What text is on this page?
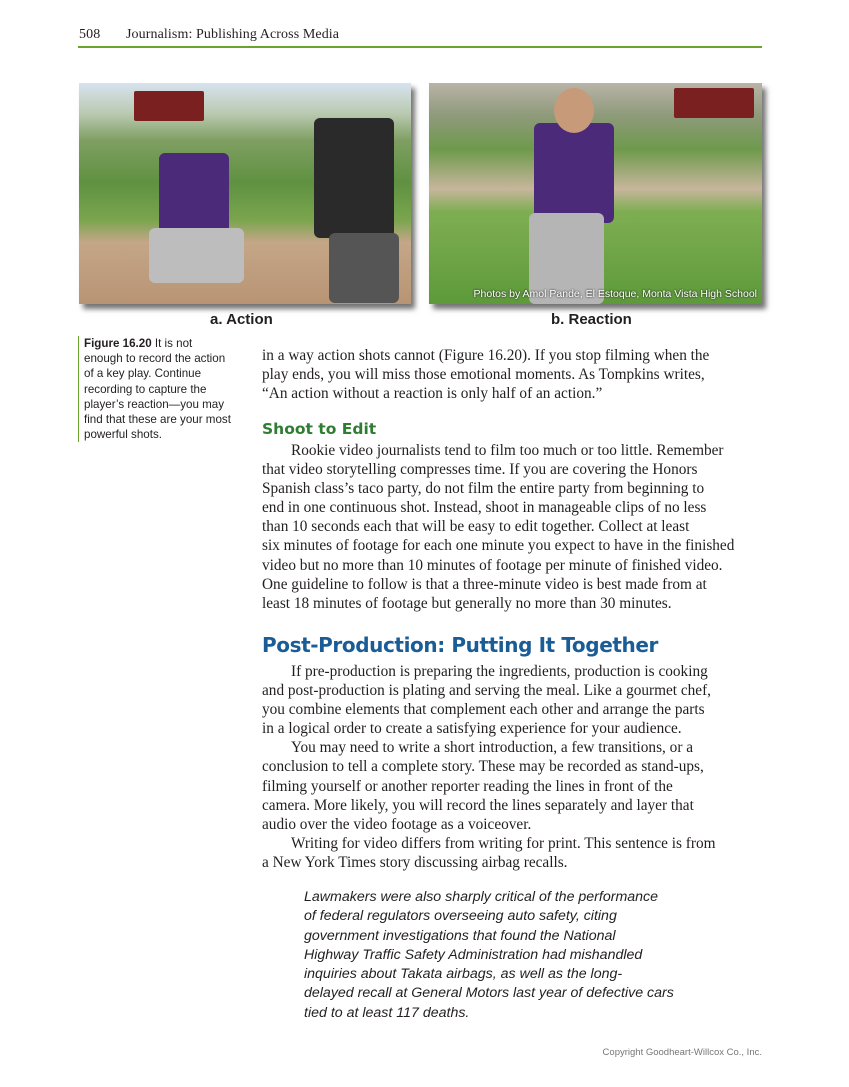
508 Journalism: Publishing Across Media
Photos by Amol Pande, El Estoque, Monta Vista High School
a. Action	b. Reaction
Figure 16.20 It is not
enough to record the action
of a key play. Continue
recording to capture the
player’s reaction—you may
find that these are your most
powerful shots.
in a way action shots cannot (Figure 16.20). If you stop filming when the
play ends, you will miss those emotional moments. As Tompkins writes,
“An action without a reaction is only half of an action.”
Shoot to Edit
Rookie video journalists tend to film too much or too little. Remember
that video storytelling compresses time. If you are covering the Honors
Spanish class’s taco party, do not film the entire party from beginning to
end in one continuous shot. Instead, shoot in manageable clips of no less
than 10 seconds each that will be easy to edit together. Collect at least
six minutes of footage for each one minute you expect to have in the finished
video but no more than 10 minutes of footage per minute of finished video.
One guideline to follow is that a three-minute video is best made from at
least 18 minutes of footage but generally no more than 30 minutes.
Post-Production: Putting It Together
If pre-production is preparing the ingredients, production is cooking
and post-production is plating and serving the meal. Like a gourmet chef,
you combine elements that complement each other and arrange the parts
in a logical order to create a satisfying experience for your audience.
You may need to write a short introduction, a few transitions, or a
conclusion to tell a complete story. These may be recorded as stand-ups,
filming yourself or another reporter reading the lines in front of the
camera. More likely, you will record the lines separately and layer that
audio over the video footage as a voiceover.
Writing for video differs from writing for print. This sentence is from
a New York Times story discussing airbag recalls.
Lawmakers were also sharply critical of the performance
of federal regulators overseeing auto safety, citing
government investigations that found the National
Highway Traffic Safety Administration had mishandled
inquiries about Takata airbags, as well as the long-
delayed recall at General Motors last year of defective cars
tied to at least 117 deaths.
Copyright Goodheart-Willcox Co., Inc.
